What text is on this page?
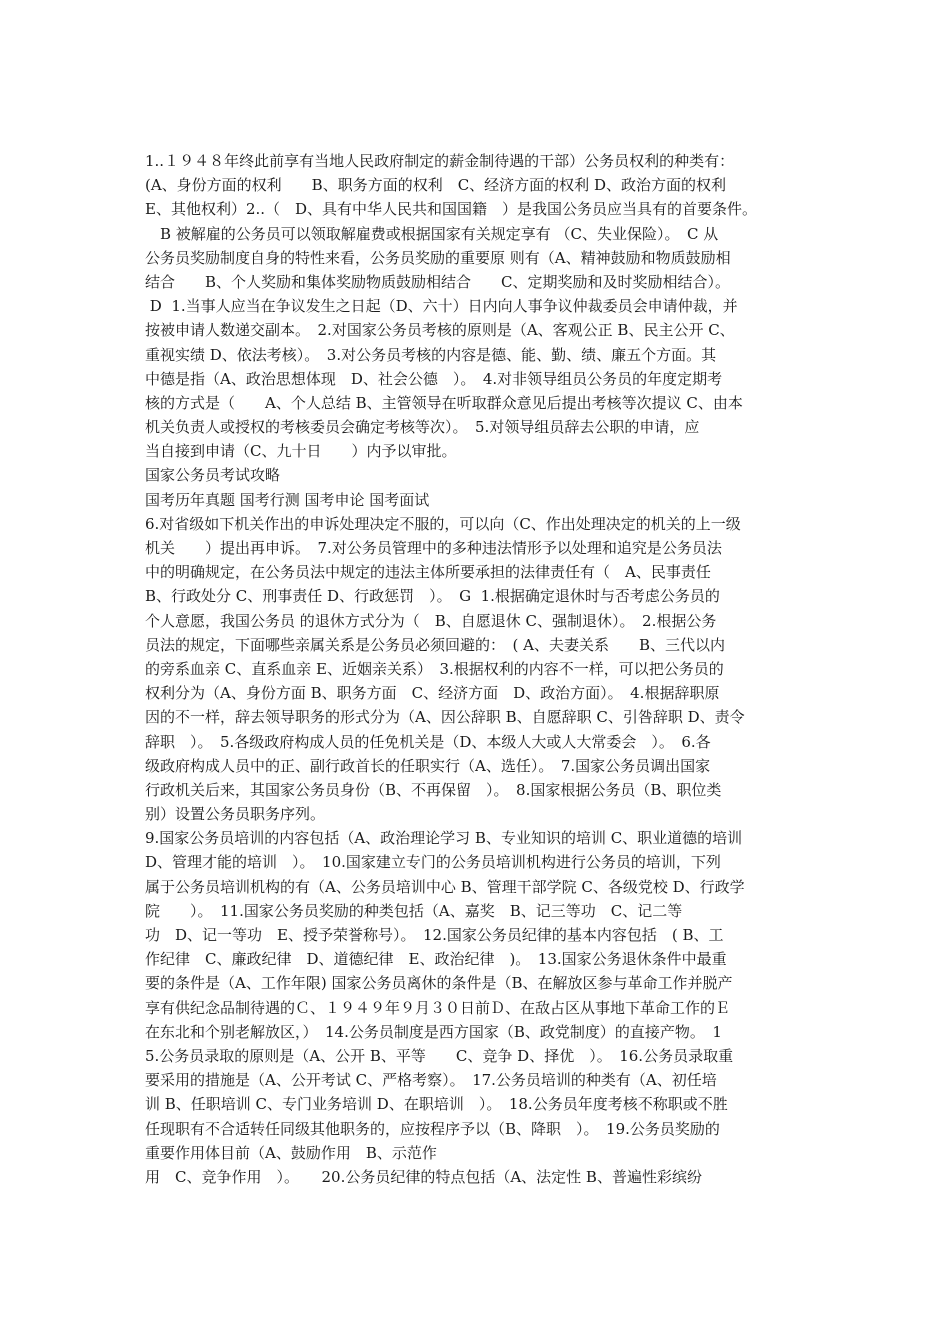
1..１９４８年终此前享有当地人民政府制定的薪金制待遇的干部）公务员权利的种类有：
(A、身份方面的权利　　B、职务方面的权利　C、经济方面的权利 D、政治方面的权利
E、其他权利）2..（　D、具有中华人民共和国国籍　）是我国公务员应当具有的首要条件。
　B 被解雇的公务员可以领取解雇费或根据国家有关规定享有 （C、失业保险）。　C 从
公务员奖励制度自身的特性来看，公务员奖励的重要原 则有（A、精神鼓励和物质鼓励相
结合　　B、个人奖励和集体奖励物质鼓励相结合　　C、定期奖励和及时奖励相结合）。
D  1.当事人应当在争议发生之日起（D、六十）日内向人事争议仲裁委员会申请仲裁，并
按被申请人数递交副本。　2.对国家公务员考核的原则是（A、客观公正 B、民主公开 C、
重视实绩 D、依法考核）。　3.对公务员考核的内容是德、能、勤、绩、廉五个方面。其
中德是指（A、政治思想体现　D、社会公德　）。　4.对非领导组员公务员的年度定期考
核的方式是（　　A、个人总结 B、主管领导在听取群众意见后提出考核等次提议 C、由本
机关负责人或授权的考核委员会确定考核等次）。　5.对领导组员辞去公职的申请，应
当自接到申请（C、九十日　　）内予以审批。
国家公务员考试攻略
国考历年真题 国考行测 国考申论 国考面试
6.对省级如下机关作出的申诉处理决定不服的，可以向（C、作出处理决定的机关的上一级
机关　　）提出再申诉。　7.对公务员管理中的多种违法情形予以处理和追究是公务员法
中的明确规定，在公务员法中规定的违法主体所要承担的法律责任有（　A、民事责任
B、行政处分 C、刑事责任 D、行政惩罚　）。　G  1.根据确定退休时与否考虑公务员的
个人意愿，我国公务员 的退休方式分为（　B、自愿退休 C、强制退休）。　2.根据公务
员法的规定，下面哪些亲属关系是公务员必须回避的：　( A、夫妻关系　　B、三代以内
的旁系血亲 C、直系血亲 E、近姻亲关系）　3.根据权利的内容不一样，可以把公务员的
权利分为（A、身份方面 B、职务方面　C、经济方面　D、政治方面）。　4.根据辞职原
因的不一样，辞去领导职务的形式分为（A、因公辞职 B、自愿辞职 C、引咎辞职 D、责令
辞职　）。　5.各级政府构成人员的任免机关是（D、本级人大或人大常委会　）。　6.各
级政府构成人员中的正、副行政首长的任职实行（A、选任）。　7.国家公务员调出国家
行政机关后来，其国家公务员身份（B、不再保留　）。　8.国家根据公务员（B、职位类
别）设置公务员职务序列。
9.国家公务员培训的内容包括（A、政治理论学习 B、专业知识的培训 C、职业道德的培训
D、管理才能的培训　）。　10.国家建立专门的公务员培训机构进行公务员的培训，下列
属于公务员培训机构的有（A、公务员培训中心 B、管理干部学院 C、各级党校 D、行政学
院　　）。　11.国家公务员奖励的种类包括（A、嘉奖　B、记三等功　C、记二等
功　D、记一等功　E、授予荣誉称号）。　12.国家公务员纪律的基本内容包括　( B、工
作纪律　C、廉政纪律　D、道德纪律　E、政治纪律　)。　13.国家公务退休条件中最重
要的条件是（A、工作年限) 国家公务员离休的条件是（B、在解放区参与革命工作并脱产
享有供纪念品制待遇的Ｃ、１９４９年９月３０日前Ｄ、在敌占区从事地下革命工作的Ｅ
在东北和个别老解放区，）　14.公务员制度是西方国家（B、政党制度）的直接产物。　1
5.公务员录取的原则是（A、公开 B、平等　　C、竞争 D、择优　）。　16.公务员录取重
要采用的措施是（A、公开考试 C、严格考察）。　17.公务员培训的种类有（A、初任培
训 B、任职培训 C、专门业务培训 D、在职培训　）。　18.公务员年度考核不称职或不胜
任现职有不合适转任同级其他职务的，应按程序予以（B、降职　）。　19.公务员奖励的
重要作用体目前（A、鼓励作用　B、示范作
用　C、竞争作用　）。　　20.公务员纪律的特点包括（A、法定性 B、普遍性彩缤纷
